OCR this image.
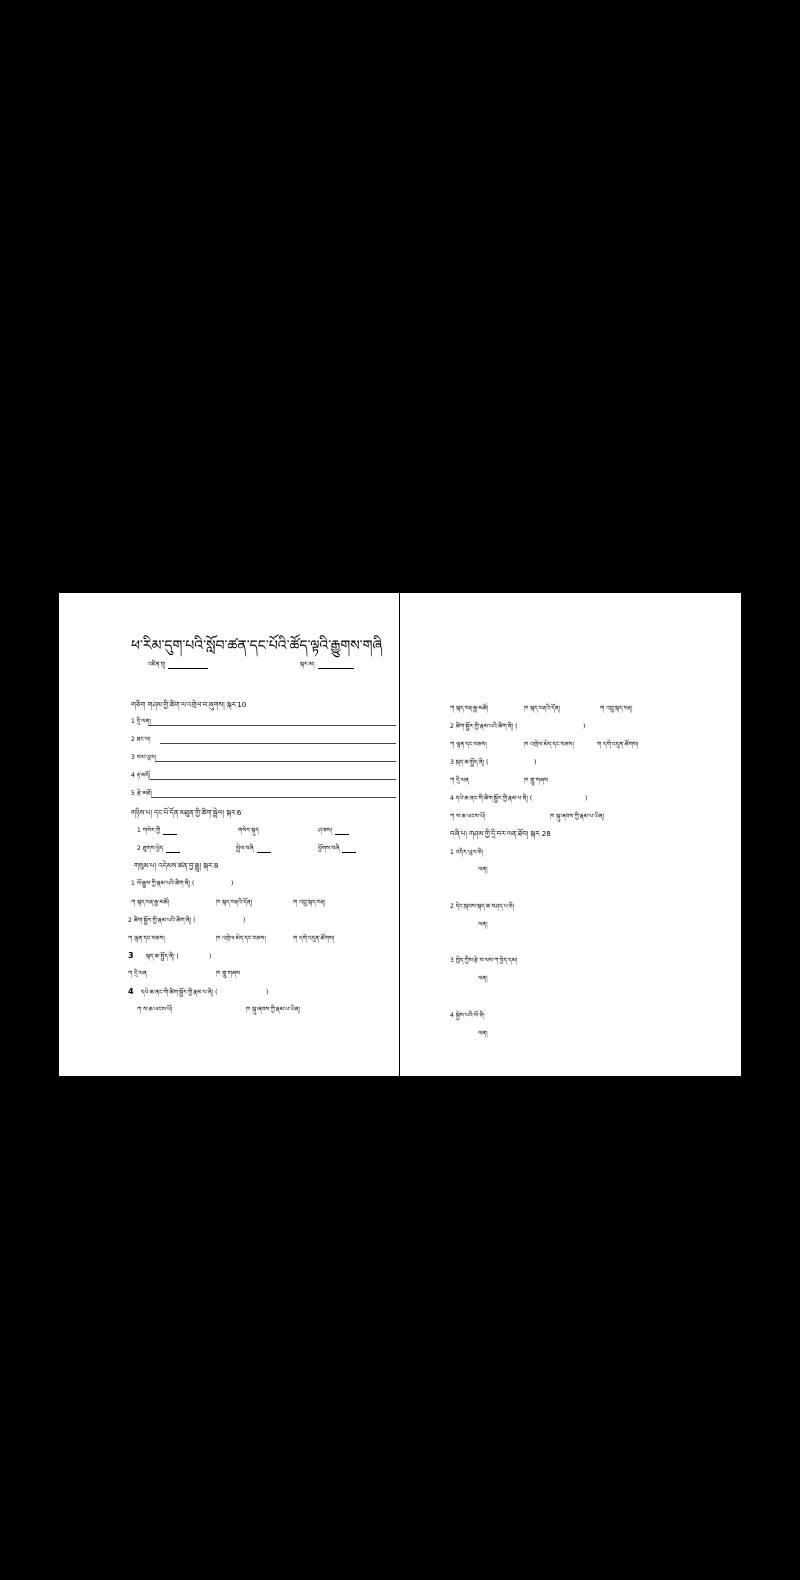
ཕ་རིམ་དུག་པའི་སློབ་ཚན་དང་པོའི་ཚོད་ལྟའི་རྒྱུགས་གཞི
འཛིན་གྲྭ	སྐར་མ།
གཅིག གཤམ་གྱི་ཚིག་ལ་འགྲེལ་བ་ཞུགས། སྐར་10
1 དྲི་ལན།
2 ཐང་ལ།
3 བལ་ཡུལ།
4 རྟ་མདོ།
5 རྩེ་མཐོ།
གཉིས་པ། དང་པོ་དོན་མཐུན་གྱི་ཚིག་སྦྲེལ། སྐར་6
1 གསེར་གྱི	གསེར་སྐུད	ཤ་ཟས།
2 ཐུགས་ཕྱེད	སྤྲེལ་བཞི	ཕྱོགས་བཞི
གསུམ་པ། འདེམས་ཚན་བྱ་རྒྱུ། སྐར་8
1 ལོ་རྒྱུས་ཀྱི་རྣམ་པའི་ཚིག་ནི། (	)
ཀ སྐད་བརྡ་རྒྱ་མཚོ།	ཁ སྐད་བརྡའི་དོན།	ག འབྲུ་སྐད་བརྡ།
2 ཚིག་སྦྱོར་གྱི་རྣམ་པའི་ཚིག་ནི། (	)
ཀ ལྷན་དང་བཅས།	ཁ འགྲེལ་མེད་དང་བཅས།	ག དགེ་འདུན་ཚོགས།
3 སྐད་ཆ་སྤྱོད་ནི། (	)
ཀ དྲི་ལན	ཁ གླུ་གཞས
4 དཔེ་ཆ་ནང་གི་ཚིག་སྦྱོར་གྱི་རྣམ་པ་ནི། (	)
ཀ ས་ཆ་ཡངས་པོ།	ཁ སྐུ་ཞབས་ཀྱི་རྣམ་པ་ཡིན།
ཀ སྐད་བརྡ་རྒྱ་མཚོ།	ཁ སྐད་བརྡའི་དོན།	ག འབྲུ་སྐད་བརྡ།
2 ཚིག་སྦྱོར་གྱི་རྣམ་པའི་ཚིག་ནི། (	)
ཀ ལྷན་དང་བཅས།	ཁ འགྲེལ་མེད་དང་བཅས།	ག དགེ་འདུན་ཚོགས།
3 སྐད་ཆ་སྤྱོད་ནི། (	)
ཀ དྲི་ལན	ཁ གླུ་གཞས
4 དཔེ་ཆ་ནང་གི་ཚིག་སྦྱོར་གྱི་རྣམ་པ་ནི། (	)
ཀ ས་ཆ་ཡངས་པོ།	ཁ སྐུ་ཞབས་ཀྱི་རྣམ་པ་ཡིན།
བཞི་པ། གཤམ་གྱི་དྲི་བར་ལན་ཐོབ། སྐར 28
1 འདིར་ཡུལ་ཅི།
ལན།
2 དེང་སྐབས་སྐད་ཆ་བཤད་པ་ཅི།
ལན།
3 ཁྱེད་ཀྱིས་རྩེ་བ་ལས་ཀ་བྱེད་དམ།
ལན།
4 སྐྱེས་པའི་ལོ་ཅི།
ལན།
